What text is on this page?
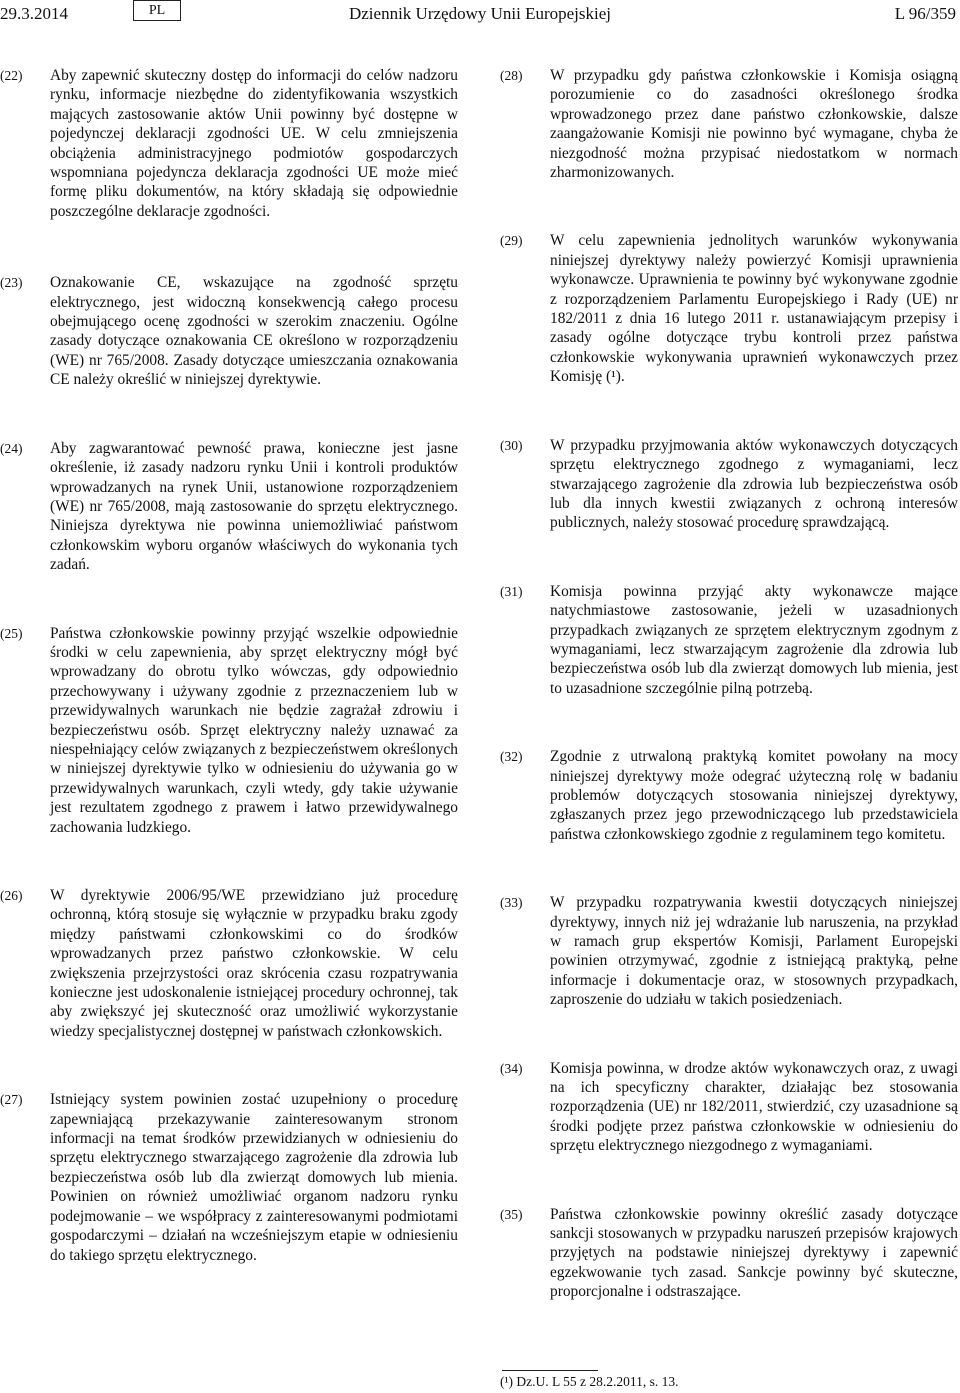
29.3.2014	PL	Dziennik Urzędowy Unii Europejskiej	L 96/359
(22)	Aby zapewnić skuteczny dostęp do informacji do celów nadzoru rynku, informacje niezbędne do zidentyfikowania wszystkich mających zastosowanie aktów Unii powinny być dostępne w pojedynczej deklaracji zgodności UE. W celu zmniejszenia obciążenia administracyjnego podmiotów gospodarczych wspomniana pojedyncza deklaracja zgodności UE może mieć formę pliku dokumentów, na który składają się odpowiednie poszczególne deklaracje zgodności.
(23)	Oznakowanie CE, wskazujące na zgodność sprzętu elektrycznego, jest widoczną konsekwencją całego procesu obejmującego ocenę zgodności w szerokim znaczeniu. Ogólne zasady dotyczące oznakowania CE określono w rozporządzeniu (WE) nr 765/2008. Zasady dotyczące umieszczania oznakowania CE należy określić w niniejszej dyrektywie.
(24)	Aby zagwarantować pewność prawa, konieczne jest jasne określenie, iż zasady nadzoru rynku Unii i kontroli produktów wprowadzanych na rynek Unii, ustanowione rozporządzeniem (WE) nr 765/2008, mają zastosowanie do sprzętu elektrycznego. Niniejsza dyrektywa nie powinna uniemożliwiać państwom członkowskim wyboru organów właściwych do wykonania tych zadań.
(25)	Państwa członkowskie powinny przyjąć wszelkie odpowiednie środki w celu zapewnienia, aby sprzęt elektryczny mógł być wprowadzany do obrotu tylko wówczas, gdy odpowiednio przechowywany i używany zgodnie z przeznaczeniem lub w przewidywalnych warunkach nie będzie zagrażał zdrowiu i bezpieczeństwu osób. Sprzęt elektryczny należy uznawać za niespełniający celów związanych z bezpieczeństwem określonych w niniejszej dyrektywie tylko w odniesieniu do używania go w przewidywalnych warunkach, czyli wtedy, gdy takie używanie jest rezultatem zgodnego z prawem i łatwo przewidywalnego zachowania ludzkiego.
(26)	W dyrektywie 2006/95/WE przewidziano już procedurę ochronną, którą stosuje się wyłącznie w przypadku braku zgody między państwami członkowskimi co do środków wprowadzanych przez państwo członkowskie. W celu zwiększenia przejrzystości oraz skrócenia czasu rozpatrywania konieczne jest udoskonalenie istniejącej procedury ochronnej, tak aby zwiększyć jej skuteczność oraz umożliwić wykorzystanie wiedzy specjalistycznej dostępnej w państwach członkowskich.
(27)	Istniejący system powinien zostać uzupełniony o procedurę zapewniającą przekazywanie zainteresowanym stronom informacji na temat środków przewidzianych w odniesieniu do sprzętu elektrycznego stwarzającego zagrożenie dla zdrowia lub bezpieczeństwa osób lub dla zwierząt domowych lub mienia. Powinien on również umożliwiać organom nadzoru rynku podejmowanie – we współpracy z zainteresowanymi podmiotami gospodarczymi – działań na wcześniejszym etapie w odniesieniu do takiego sprzętu elektrycznego.
(28)	W przypadku gdy państwa członkowskie i Komisja osiągną porozumienie co do zasadności określonego środka wprowadzonego przez dane państwo członkowskie, dalsze zaangażowanie Komisji nie powinno być wymagane, chyba że niezgodność można przypisać niedostatkom w normach zharmonizowanych.
(29)	W celu zapewnienia jednolitych warunków wykonywania niniejszej dyrektywy należy powierzyć Komisji uprawnienia wykonawcze. Uprawnienia te powinny być wykonywane zgodnie z rozporządzeniem Parlamentu Europejskiego i Rady (UE) nr 182/2011 z dnia 16 lutego 2011 r. ustanawiającym przepisy i zasady ogólne dotyczące trybu kontroli przez państwa członkowskie wykonywania uprawnień wykonawczych przez Komisję (¹).
(30)	W przypadku przyjmowania aktów wykonawczych dotyczących sprzętu elektrycznego zgodnego z wymaganiami, lecz stwarzającego zagrożenie dla zdrowia lub bezpieczeństwa osób lub dla innych kwestii związanych z ochroną interesów publicznych, należy stosować procedurę sprawdzającą.
(31)	Komisja powinna przyjąć akty wykonawcze mające natychmiastowe zastosowanie, jeżeli w uzasadnionych przypadkach związanych ze sprzętem elektrycznym zgodnym z wymaganiami, lecz stwarzającym zagrożenie dla zdrowia lub bezpieczeństwa osób lub dla zwierząt domowych lub mienia, jest to uzasadnione szczególnie pilną potrzebą.
(32)	Zgodnie z utrwaloną praktyką komitet powołany na mocy niniejszej dyrektywy może odegrać użyteczną rolę w badaniu problemów dotyczących stosowania niniejszej dyrektywy, zgłaszanych przez jego przewodniczącego lub przedstawiciela państwa członkowskiego zgodnie z regulaminem tego komitetu.
(33)	W przypadku rozpatrywania kwestii dotyczących niniejszej dyrektywy, innych niż jej wdrażanie lub naruszenia, na przykład w ramach grup ekspertów Komisji, Parlament Europejski powinien otrzymywać, zgodnie z istniejącą praktyką, pełne informacje i dokumentacje oraz, w stosownych przypadkach, zaproszenie do udziału w takich posiedzeniach.
(34)	Komisja powinna, w drodze aktów wykonawczych oraz, z uwagi na ich specyficzny charakter, działając bez stosowania rozporządzenia (UE) nr 182/2011, stwierdzić, czy uzasadnione są środki podjęte przez państwa członkowskie w odniesieniu do sprzętu elektrycznego niezgodnego z wymaganiami.
(35)	Państwa członkowskie powinny określić zasady dotyczące sankcji stosowanych w przypadku naruszeń przepisów krajowych przyjętych na podstawie niniejszej dyrektywy i zapewnić egzekwowanie tych zasad. Sankcje powinny być skuteczne, proporcjonalne i odstraszające.
(¹) Dz.U. L 55 z 28.2.2011, s. 13.
